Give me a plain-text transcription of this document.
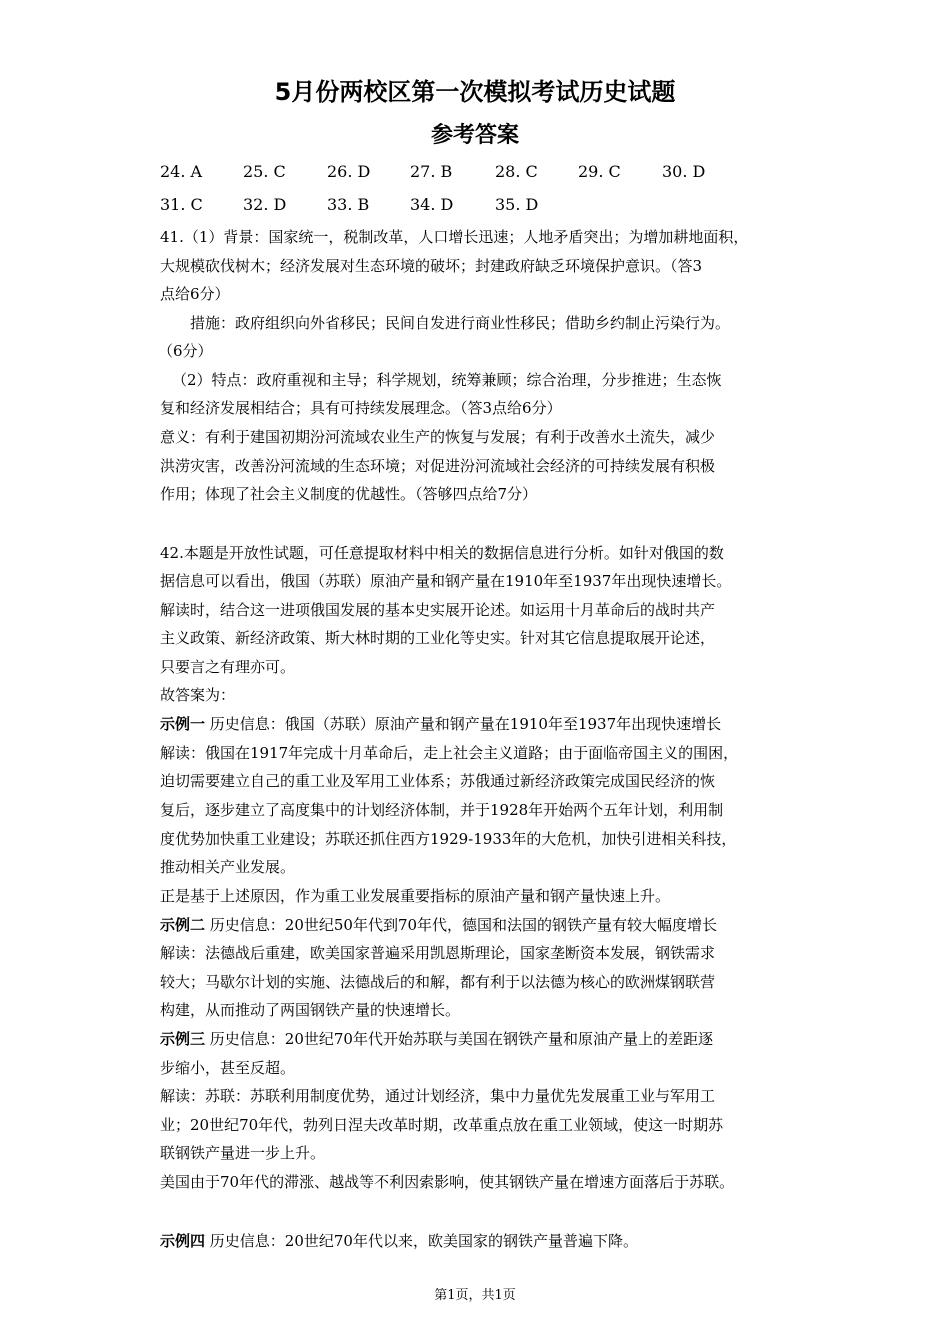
5月份两校区第一次模拟考试历史试题
参考答案
24. A	25. C	26. D 27. B	28. C	29. C	30. D
31. C	32. D	33. B	34. D	35. D
41.（1）背景：国家统一，税制改革，人口增长迅速；人地矛盾突出；为增加耕地面积，
大规模砍伐树木；经济发展对生态环境的破坏；封建政府缺乏环境保护意识。（答3
点给6分）
措施：政府组织向外省移民；民间自发进行商业性移民；借助乡约制止污染行为。
（6分）
（2）特点：政府重视和主导；科学规划，统筹兼顾；综合治理，分步推进；生态恢
复和经济发展相结合；具有可持续发展理念。（答3点给6分）
意义：有利于建国初期汾河流域农业生产的恢复与发展；有利于改善水土流失，减少
洪涝灾害，改善汾河流域的生态环境；对促进汾河流域社会经济的可持续发展有积极
作用；体现了社会主义制度的优越性。（答够四点给7分）
42.本题是开放性试题，可任意提取材料中相关的数据信息进行分析。如针对俄国的数
据信息可以看出，俄国（苏联）原油产量和钢产量在1910年至1937年出现快速增长。
解读时，结合这一进项俄国发展的基本史实展开论述。如运用十月革命后的战时共产
主义政策、新经济政策、斯大林时期的工业化等史实。针对其它信息提取展开论述，
只要言之有理亦可。
故答案为：
示例一 历史信息：俄国（苏联）原油产量和钢产量在1910年至1937年出现快速增长
解读：俄国在1917年完成十月革命后，走上社会主义道路；由于面临帝国主义的围困，
迫切需要建立自己的重工业及军用工业体系；苏俄通过新经济政策完成国民经济的恢
复后，逐步建立了高度集中的计划经济体制，并于1928年开始两个五年计划，利用制
度优势加快重工业建设；苏联还抓住西方1929-1933年的大危机，加快引进相关科技，
推动相关产业发展。
正是基于上述原因，作为重工业发展重要指标的原油产量和钢产量快速上升。
示例二 历史信息：20世纪50年代到70年代，德国和法国的钢铁产量有较大幅度增长
解读：法德战后重建，欧美国家普遍采用凯恩斯理论，国家垄断资本发展，钢铁需求
较大；马歇尔计划的实施、法德战后的和解，都有利于以法德为核心的欧洲煤钢联营
构建，从而推动了两国钢铁产量的快速增长。
示例三 历史信息：20世纪70年代开始苏联与美国在钢铁产量和原油产量上的差距逐
步缩小，甚至反超。
解读：苏联：苏联利用制度优势，通过计划经济，集中力量优先发展重工业与军用工
业；20世纪70年代，勃列日涅夫改革时期，改革重点放在重工业领域，使这一时期苏
联钢铁产量进一步上升。
美国由于70年代的滞涨、越战等不利因索影响，使其钢铁产量在增速方面落后于苏联。
示例四 历史信息：20世纪70年代以来，欧美国家的钢铁产量普遍下降。
第1页，共1页
